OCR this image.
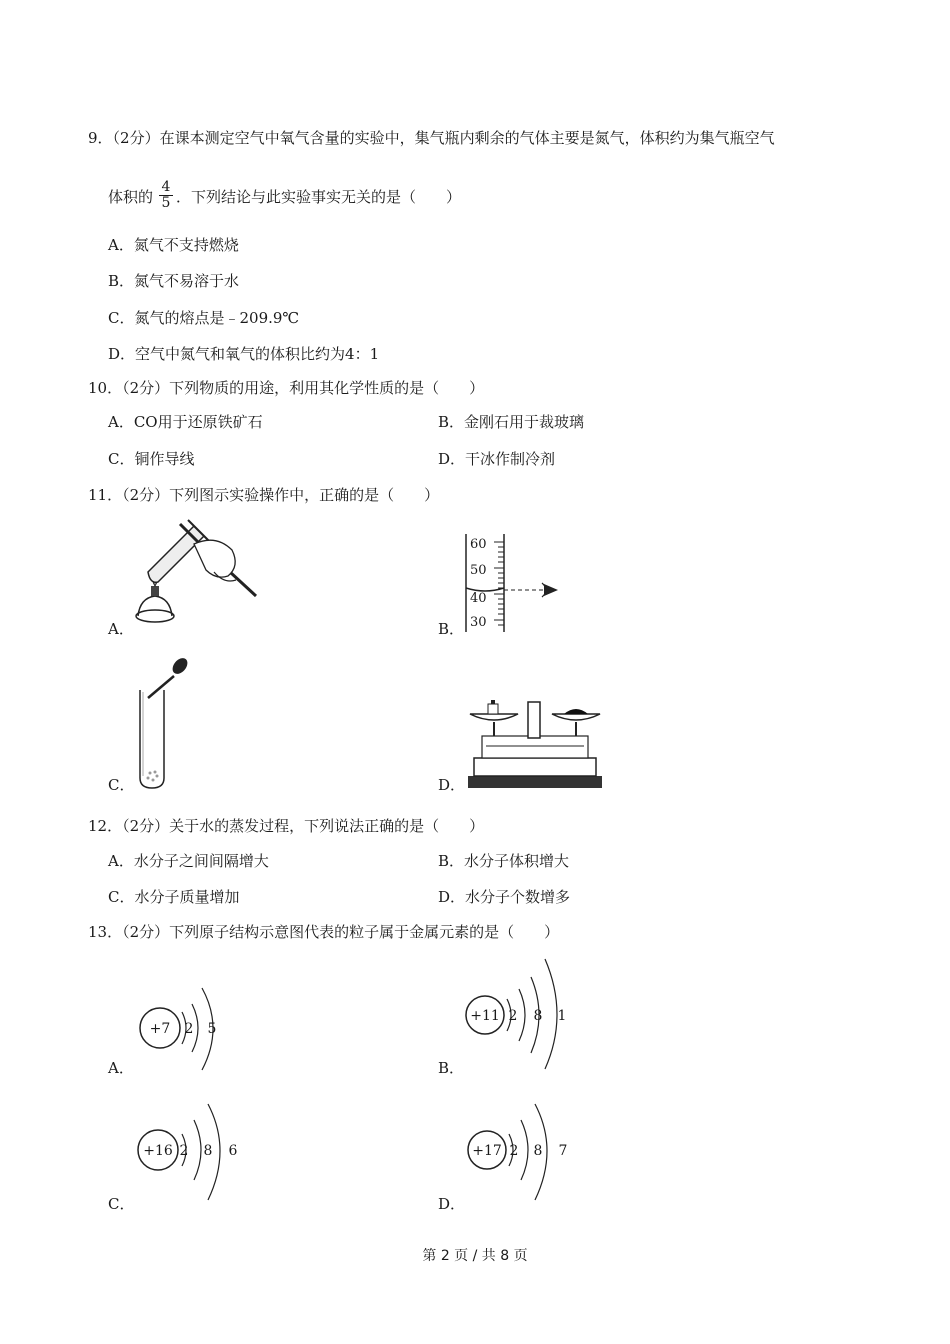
9．（2分）在课本测定空气中氧气含量的实验中，集气瓶内剩余的气体主要是氮气，体积约为集气瓶空气
体积的 $\frac{4}{5}$ ．下列结论与此实验事实无关的是（　　）
A．氮气不支持燃烧
B．氮气不易溶于水
C．氮气的熔点是﹣209.9℃
D．空气中氮气和氧气的体积比约为4：1
10．（2分）下列物质的用途，利用其化学性质的是（　　）
A．CO用于还原铁矿石	B．金刚石用于裁玻璃
C．铜作导线	D．干冰作制冷剂
11．（2分）下列图示实验操作中，正确的是（　　）
A．	B．
60
50
40
30
C．	D．
12．（2分）关于水的蒸发过程，下列说法正确的是（　　）
A．水分子之间间隔增大	B．水分子体积增大
C．水分子质量增加	D．水分子个数增多
13．（2分）下列原子结构示意图代表的粒子属于金属元素的是（　　）
A．
+7 2 5
B．
+11 2 8 1
C．
+16 2 8 6
D．
+17 2 8 7
第 2 页 / 共 8 页
